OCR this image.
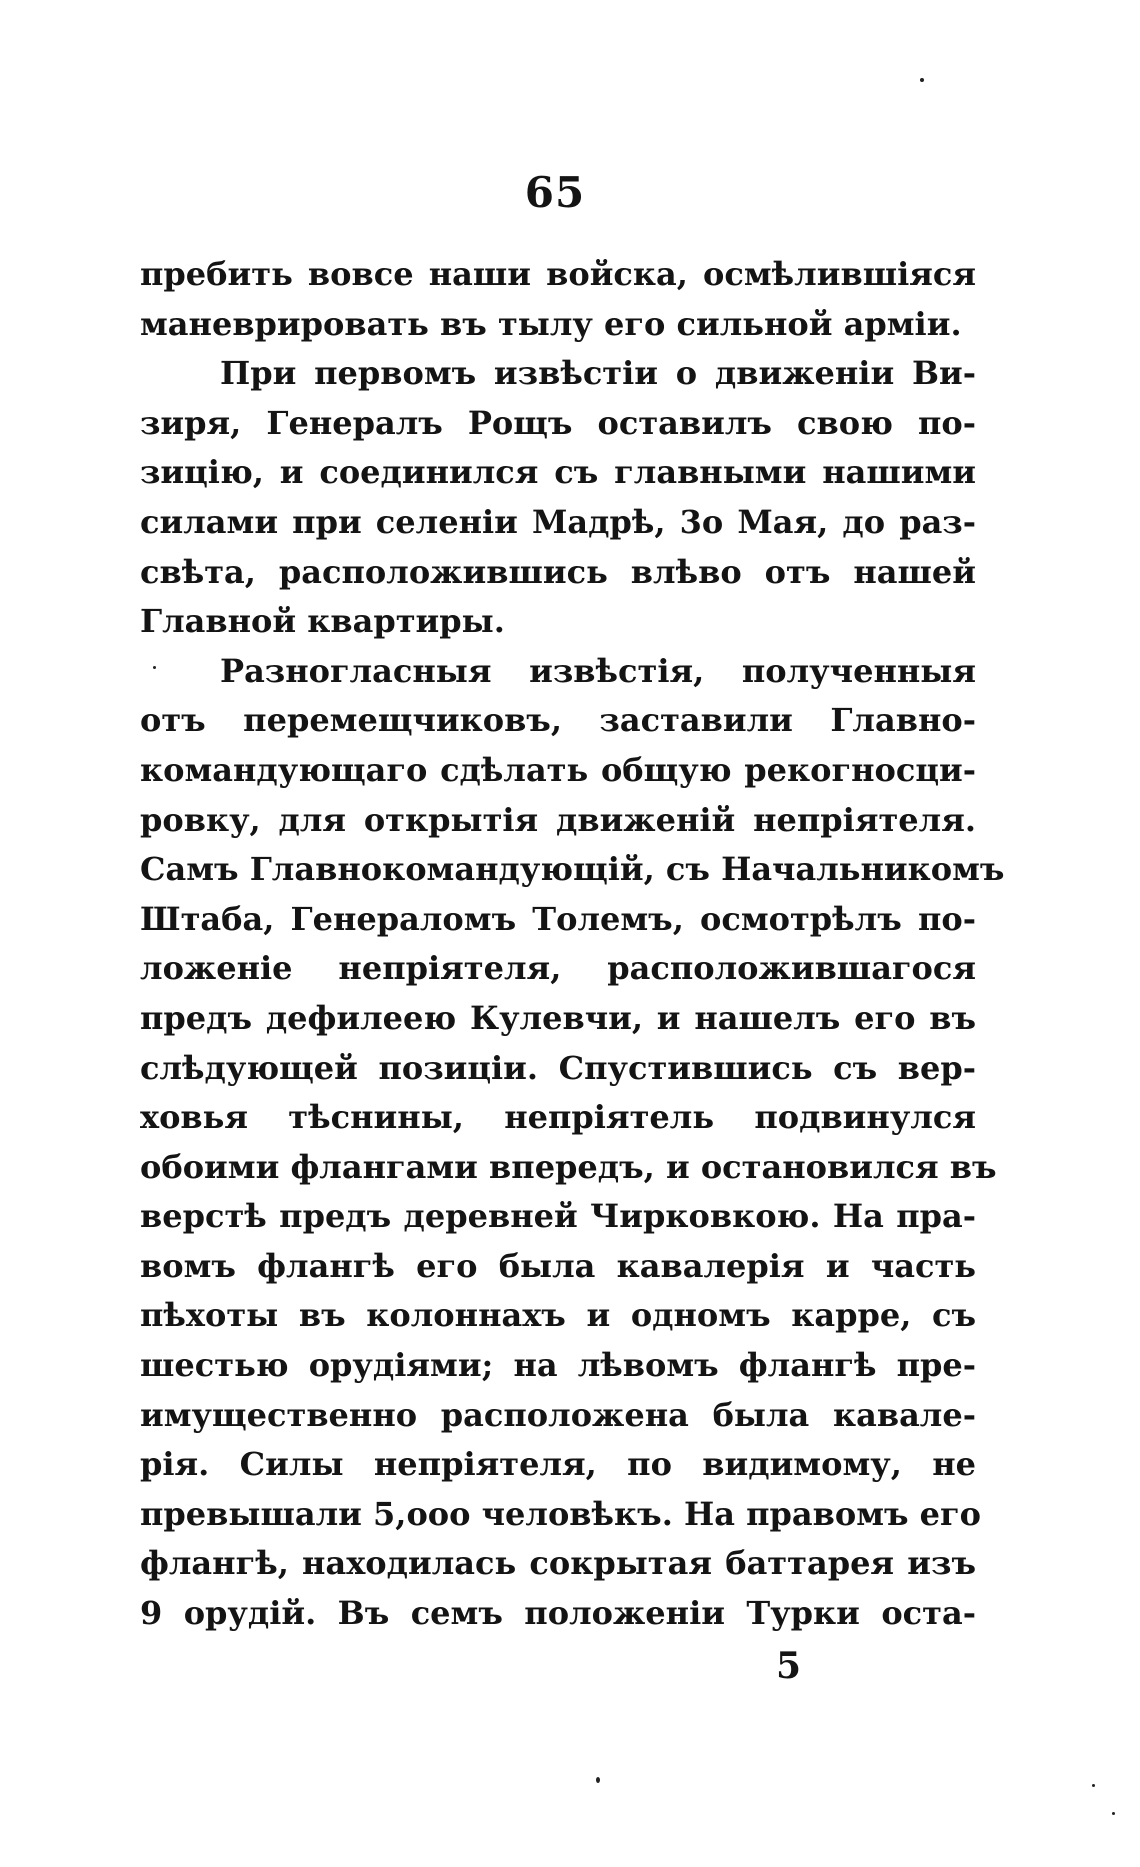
65
пребить вовсе наши войска, осмѣлившіяся
маневрировать въ тылу его сильной арміи.
При первомъ извѣстіи о движеніи Ви-
зиря, Генералъ Рощъ оставилъ свою по-
зицію, и соединился съ главными нашими
силами при селеніи Мадрѣ, 3о Мая, до раз-
свѣта, расположившись влѣво отъ нашей
Главной квартиры.
Разногласныя извѣстія, полученныя
отъ перемещчиковъ, заставили Главно-
командующаго сдѣлать общую рекогносци-
ровку, для открытія движеній непріятеля.
Самъ Главнокомандующій, съ Начальникомъ
Штаба, Генераломъ Толемъ, осмотрѣлъ по-
ложеніе непріятеля, расположившагося
предъ дефилеею Кулевчи, и нашелъ его въ
слѣдующей позиціи. Спустившись съ вер-
ховья тѣснины, непріятель подвинулся
обоими флангами впередъ, и остановился въ
верстѣ предъ деревней Чирковкою. На пра-
вомъ флангѣ его была кавалерія и часть
пѣхоты въ колоннахъ и одномъ карре, съ
шестью орудіями; на лѣвомъ флангѣ пре-
имущественно расположена была кавале-
рія. Силы непріятеля, по видимому, не
превышали 5,ооо человѣкъ. На правомъ его
флангѣ, находилась сокрытая баттарея изъ
9 орудій. Въ семъ положеніи Турки оста-
5
